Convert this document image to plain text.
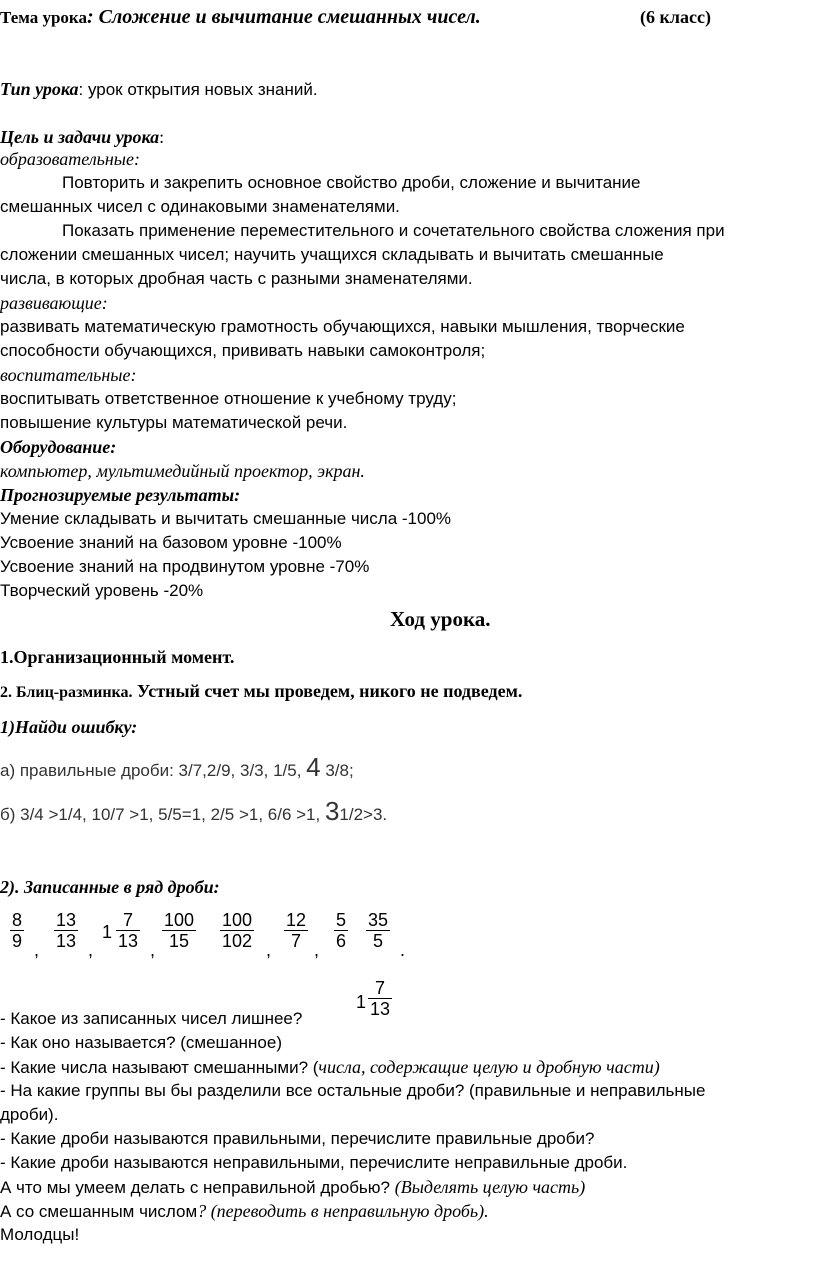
Тема урока: Сложение и вычитание смешанных чисел.	(6 класс)
Тип урока: урок открытия новых знаний.
Цель и задачи урока:
образовательные:
Повторить и закрепить основное свойство дроби, сложение и вычитание
смешанных чисел с одинаковыми знаменателями.
Показать применение переместительного и сочетательного свойства сложения при
сложении смешанных чисел; научить учащихся складывать и вычитать смешанные
числа, в которых дробная часть с разными знаменателями.
развивающие:
развивать математическую грамотность обучающихся, навыки мышления, творческие
способности обучающихся, прививать навыки самоконтроля;
воспитательные:
воспитывать ответственное отношение к учебному труду;
повышение культуры математической речи.
Оборудование:
компьютер, мультимедийный проектор, экран.
Прогнозируемые результаты:
Умение складывать и вычитать смешанные числа -100%
Усвоение знаний на базовом уровне -100%
Усвоение знаний на продвинутом уровне -70%
Творческий уровень -20%
Ход урока.
1.Организационный момент.
2. Блиц-разминка. Устный счет мы проведем, никого не подведем.
1)Найди ошибку:
а) правильные дроби: 3/7,2/9, 3/3, 1/5, 4 3/8;
б) 3/4 >1/4, 10/7 >1, 5/5=1, 2/5 >1, 6/6 >1, 31/2>3.
2). Записанные в ряд дроби:
8
9 ,
13
13 ,
1
7
13 ,
100
15
100
102 ,
12
7 ,
5
6
35
5 .
1
7
13
- Какое из записанных чисел лишнее?
- Как оно называется? (смешанное)
- Какие числа называют смешанными? (числа, содержащие целую и дробную части)
- На какие группы вы бы разделили все остальные дроби? (правильные и неправильные
дроби).
- Какие дроби называются правильными, перечислите правильные дроби?
- Какие дроби называются неправильными, перечислите неправильные дроби.
А что мы умеем делать с неправильной дробью? (Выделять целую часть)
А со смешанным числом? (переводить в неправильную дробь).
Молодцы!
